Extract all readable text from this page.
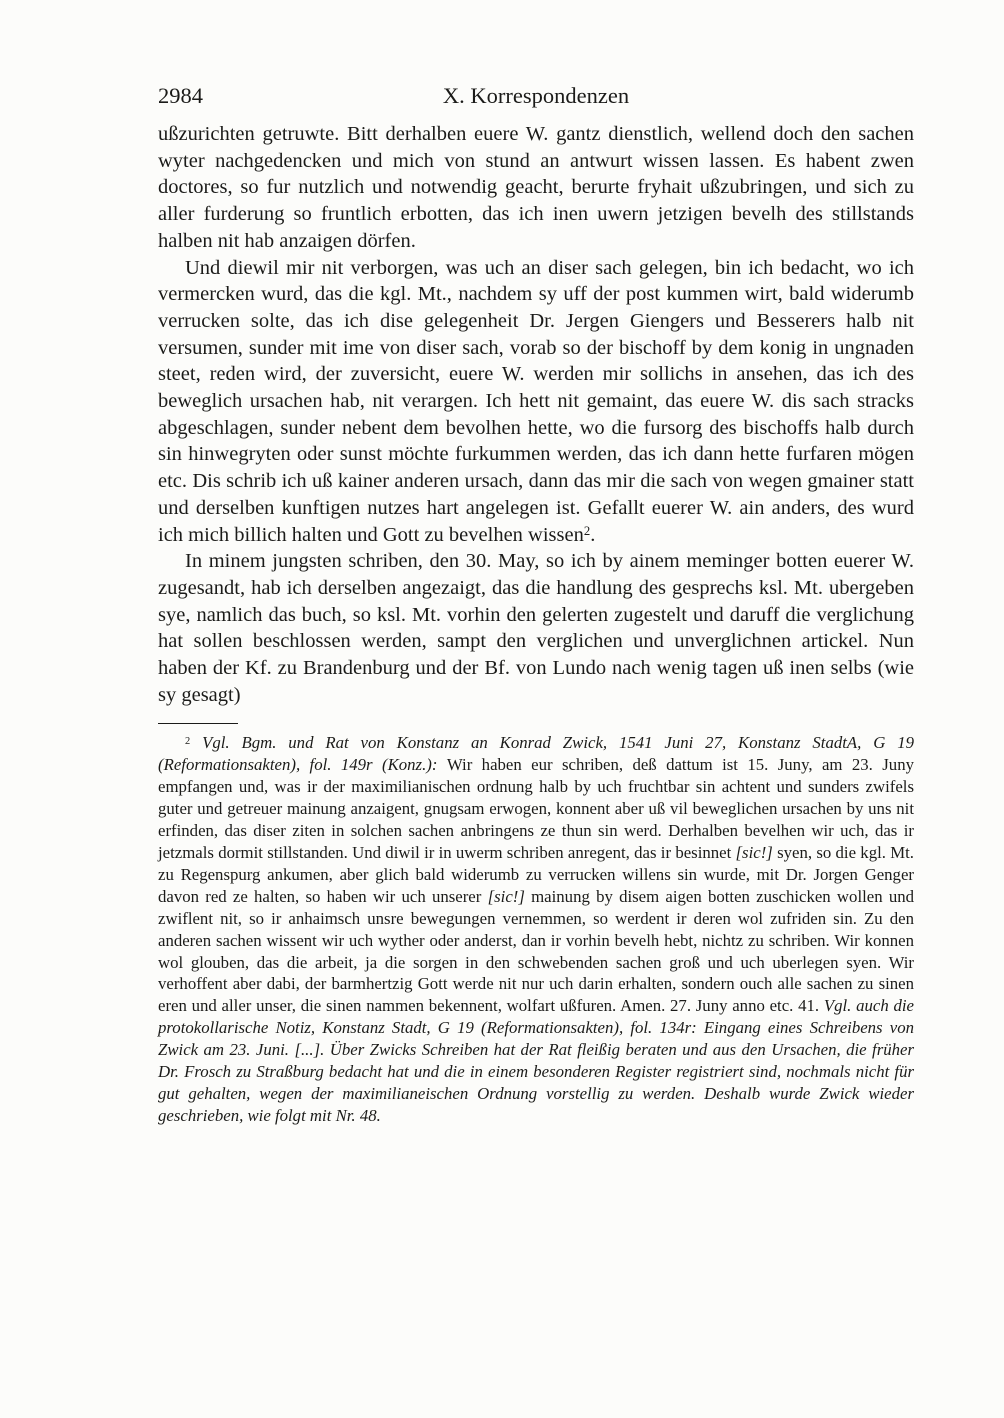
2984	X. Korrespondenzen

ußzurichten getruwte. Bitt derhalben euere W. gantz dienstlich, wellend doch den sachen wyter nachgedencken und mich von stund an antwurt wissen lassen. Es habent zwen doctores, so fur nutzlich und notwendig geacht, berurte fryhait ußzubringen, und sich zu aller furderung so fruntlich erbotten, das ich inen uwern jetzigen bevelh des stillstands halben nit hab anzaigen dörfen.

Und diewil mir nit verborgen, was uch an diser sach gelegen, bin ich bedacht, wo ich vermercken wurd, das die kgl. Mt., nachdem sy uff der post kummen wirt, bald widerumb verrucken solte, das ich dise gelegenheit Dr. Jergen Giengers und Besserers halb nit versumen, sunder mit ime von diser sach, vorab so der bischoff by dem konig in ungnaden steet, reden wird, der zuversicht, euere W. werden mir sollichs in ansehen, das ich des beweglich ursachen hab, nit verargen. Ich hett nit gemaint, das euere W. dis sach stracks abgeschlagen, sunder nebent dem bevolhen hette, wo die fursorg des bischoffs halb durch sin hinwegryten oder sunst möchte furkummen werden, das ich dann hette furfaren mögen etc. Dis schrib ich uß kainer anderen ursach, dann das mir die sach von wegen gmainer statt und derselben kunftigen nutzes hart angelegen ist. Gefallt euerer W. ain anders, des wurd ich mich billich halten und Gott zu bevelhen wissen$^2$.

In minem jungsten schriben, den 30. May, so ich by ainem meminger botten euerer W. zugesandt, hab ich derselben angezaigt, das die handlung des gesprechs ksl. Mt. ubergeben sye, namlich das buch, so ksl. Mt. vorhin den gelerten zugestelt und daruff die verglichung hat sollen beschlossen werden, sampt den verglichen und unverglichnen artickel. Nun haben der Kf. zu Brandenburg und der Bf. von Lundo nach wenig tagen uß inen selbs (wie sy gesagt)

$^2$ Vgl. Bgm. und Rat von Konstanz an Konrad Zwick, 1541 Juni 27, Konstanz StadtA, G 19 (Reformationsakten), fol. 149r (Konz.): Wir haben eur schriben, deß dattum ist 15. Juny, am 23. Juny empfangen und, was ir der maximilianischen ordnung halb by uch fruchtbar sin achtent und sunders zwifels guter und getreuer mainung anzaigent, gnugsam erwogen, konnent aber uß vil beweglichen ursachen by uns nit erfinden, das diser ziten in solchen sachen anbringens ze thun sin werd. Derhalben bevelhen wir uch, das ir jetzmals dormit stillstanden. Und diwil ir in uwerm schriben anregent, das ir besinnet [sic!] syen, so die kgl. Mt. zu Regenspurg ankumen, aber glich bald widerumb zu verrucken willens sin wurde, mit Dr. Jorgen Genger davon red ze halten, so haben wir uch unserer [sic!] mainung by disem aigen botten zuschicken wollen und zwiflent nit, so ir anhaimsch unsre bewegungen vernemmen, so werdent ir deren wol zufriden sin. Zu den anderen sachen wissent wir uch wyther oder anderst, dan ir vorhin bevelh hebt, nichtz zu schriben. Wir konnen wol glouben, das die arbeit, ja die sorgen in den schwebenden sachen groß und uch uberlegen syen. Wir verhoffent aber dabi, der barmhertzig Gott werde nit nur uch darin erhalten, sondern ouch alle sachen zu sinen eren und aller unser, die sinen nammen bekennent, wolfart ußfuren. Amen. 27. Juny anno etc. 41. Vgl. auch die protokollarische Notiz, Konstanz Stadt, G 19 (Reformationsakten), fol. 134r: Eingang eines Schreibens von Zwick am 23. Juni. [...]. Über Zwicks Schreiben hat der Rat fleißig beraten und aus den Ursachen, die früher Dr. Frosch zu Straßburg bedacht hat und die in einem besonderen Register registriert sind, nochmals nicht für gut gehalten, wegen der maximilianeischen Ordnung vorstellig zu werden. Deshalb wurde Zwick wieder geschrieben, wie folgt mit Nr. 48.
